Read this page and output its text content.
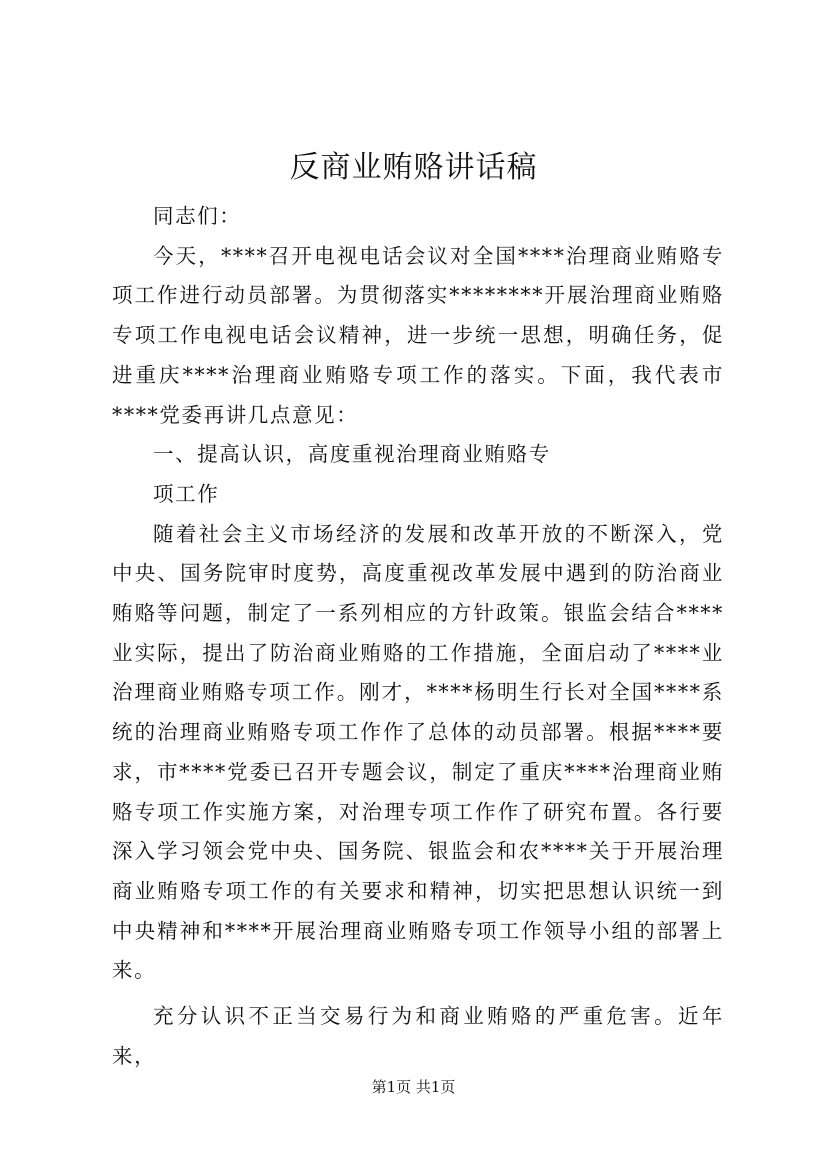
反商业贿赂讲话稿

同志们：

今天，****召开电视电话会议对全国****治理商业贿赂专项工作进行动员部署。为贯彻落实********开展治理商业贿赂专项工作电视电话会议精神，进一步统一思想，明确任务，促进重庆****治理商业贿赂专项工作的落实。下面，我代表市****党委再讲几点意见：

一、提高认识，高度重视治理商业贿赂专

项工作

随着社会主义市场经济的发展和改革开放的不断深入，党中央、国务院审时度势，高度重视改革发展中遇到的防治商业贿赂等问题，制定了一系列相应的方针政策。银监会结合****业实际，提出了防治商业贿赂的工作措施，全面启动了****业治理商业贿赂专项工作。刚才，****杨明生行长对全国****系统的治理商业贿赂专项工作作了总体的动员部署。根据****要求，市****党委已召开专题会议，制定了重庆****治理商业贿赂专项工作实施方案，对治理专项工作作了研究布置。各行要深入学习领会党中央、国务院、银监会和农****关于开展治理商业贿赂专项工作的有关要求和精神，切实把思想认识统一到中央精神和****开展治理商业贿赂专项工作领导小组的部署上来。

充分认识不正当交易行为和商业贿赂的严重危害。近年来，

第1页 共1页
